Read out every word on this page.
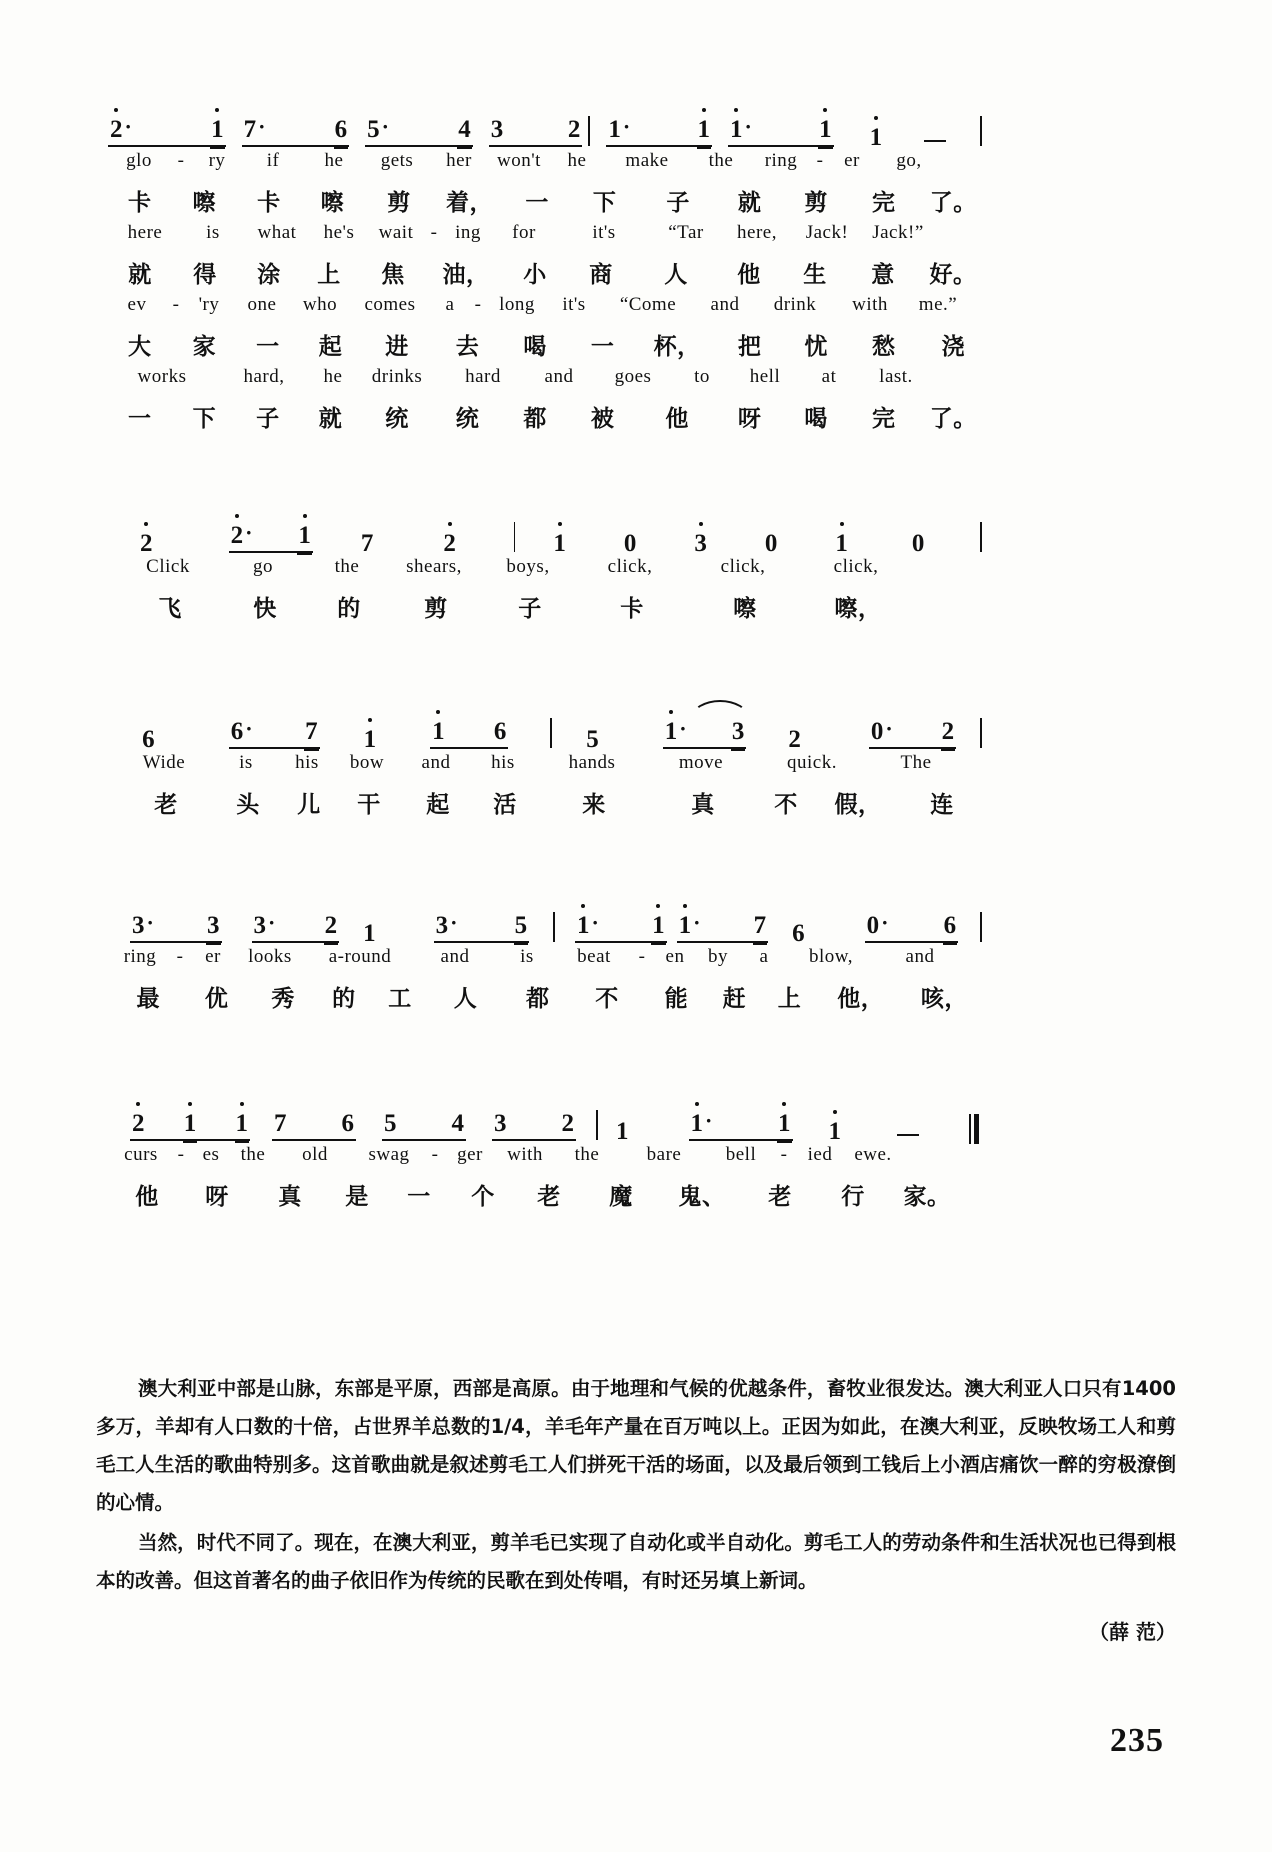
2·	1 7·	6 5·	4 3	2 1·	1 1·	1 1
glo	-	ry	if	he	gets	her	won't	he	make	the	ring	-	er	go,
卡	嚓	卡	嚓	剪	着，	一	下	子	就	剪	完	了。
here	is	what	he's	wait - ing	for	it's	“Tar	here,	Jack!	Jack!”
就	得	涂	上	焦	油，	小	商	人	他	生	意	好。
ev	-	'ry	one	who	comes	a	- long	it's	“Come	and	drink	with	me.”
大	家	一	起	进	去	喝	一	杯，	把	忧	愁	浇
works	hard,	he	drinks	hard	and	goes	to	hell	at	last.
一	下	子	就	统	统	都	被	他	呀	喝	完	了。
2	2· 1 7	2	1 0 3 0 1	0
Click	go	the	shears,	boys,	click,	click,	click,
飞	快	的	剪	子	卡	嚓	嚓，
6	6· 7 1 1 6	5	1· 3 2	0· 2
Wide	is	his	bow	and	his	hands	move	quick.	The
老	头	儿	干	起	活	来	真	不	假，	连
3· 3 3· 2 1 3· 5 1· 1 1· 7 6 0· 6
ring	-	er	looks	a-round	and	is	beat	-	en	by	a	blow,	and
最	优	秀	的	工	人	都	不	能	赶	上	他，	咳，
2 1 1 7 6 5 4 3 2 1 1·	1 1
curs	- es	the	old	swag	- ger	with	the	bare	bell	-	ied	ewe.
他	呀	真	是	一	个	老	魔	鬼、	老	行	家。

澳大利亚中部是山脉，东部是平原，西部是高原。由于地理和气候的优越条件，畜牧业很发达。澳大利亚人口只有1400多万，羊却有人口数的十倍，占世界羊总数的1/4，羊毛年产量在百万吨以上。正因为如此，在澳大利亚，反映牧场工人和剪毛工人生活的歌曲特别多。这首歌曲就是叙述剪毛工人们拼死干活的场面，以及最后领到工钱后上小酒店痛饮一醉的穷极潦倒的心情。

当然，时代不同了。现在，在澳大利亚，剪羊毛已实现了自动化或半自动化。剪毛工人的劳动条件和生活状况也已得到根本的改善。但这首著名的曲子依旧作为传统的民歌在到处传唱，有时还另填上新词。

（薛 范）
235
